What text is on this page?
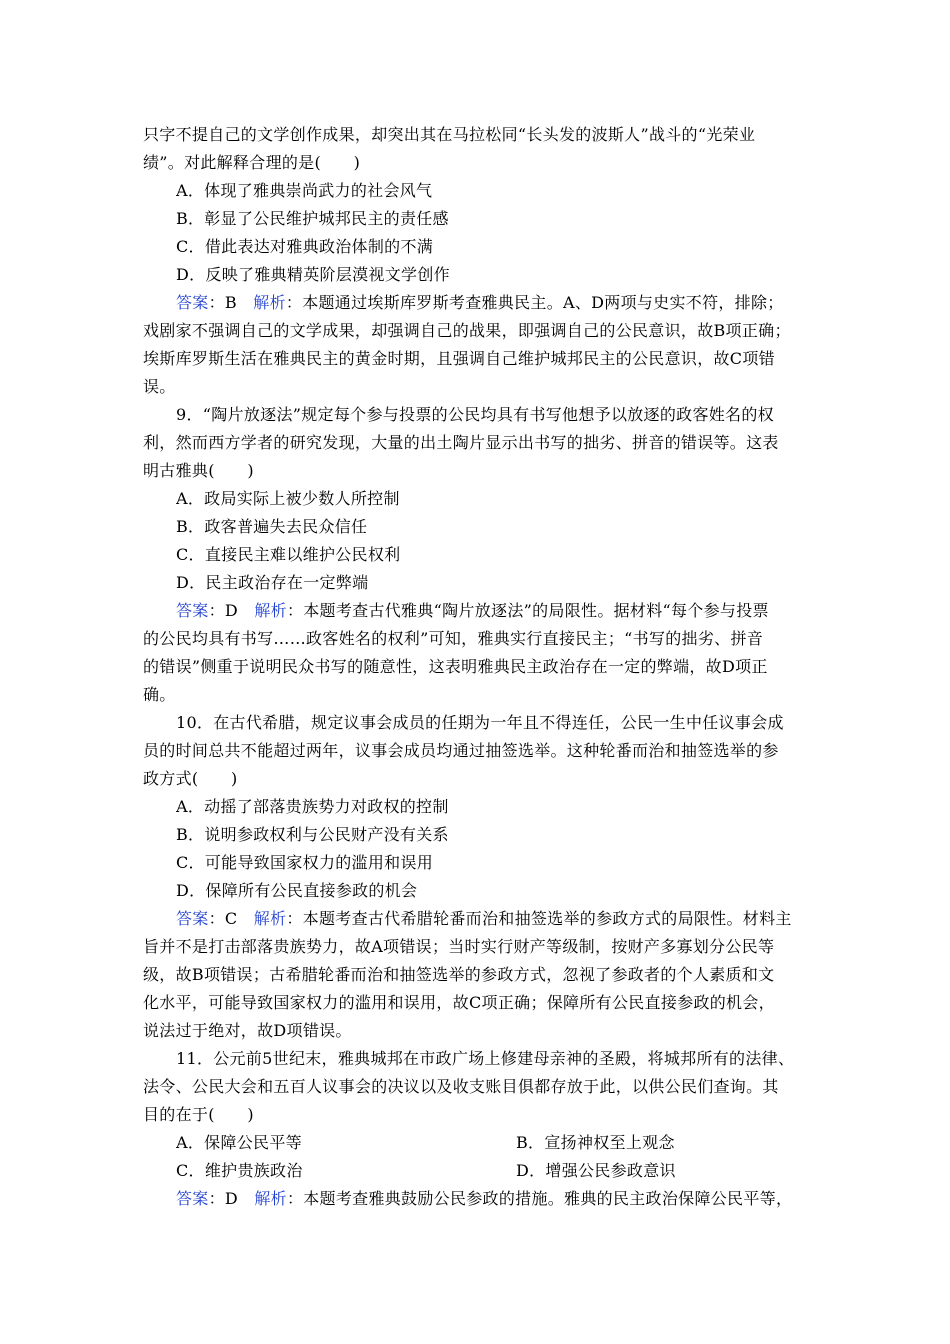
只字不提自己的文学创作成果，却突出其在马拉松同“长头发的波斯人”战斗的“光荣业
绩”。对此解释合理的是(　　)
A．体现了雅典崇尚武力的社会风气
B．彰显了公民维护城邦民主的责任感
C．借此表达对雅典政治体制的不满
D．反映了雅典精英阶层漠视文学创作
答案：B　解析：本题通过埃斯库罗斯考查雅典民主。A、D两项与史实不符，排除；
戏剧家不强调自己的文学成果，却强调自己的战果，即强调自己的公民意识，故B项正确；
埃斯库罗斯生活在雅典民主的黄金时期，且强调自己维护城邦民主的公民意识，故C项错
误。
9．“陶片放逐法”规定每个参与投票的公民均具有书写他想予以放逐的政客姓名的权
利，然而西方学者的研究发现，大量的出土陶片显示出书写的拙劣、拼音的错误等。这表
明古雅典(　　)
A．政局实际上被少数人所控制
B．政客普遍失去民众信任
C．直接民主难以维护公民权利
D．民主政治存在一定弊端
答案：D　解析：本题考查古代雅典“陶片放逐法”的局限性。据材料“每个参与投票
的公民均具有书写……政客姓名的权利”可知，雅典实行直接民主；“书写的拙劣、拼音
的错误”侧重于说明民众书写的随意性，这表明雅典民主政治存在一定的弊端，故D项正
确。
10．在古代希腊，规定议事会成员的任期为一年且不得连任，公民一生中任议事会成
员的时间总共不能超过两年，议事会成员均通过抽签选举。这种轮番而治和抽签选举的参
政方式(　　)
A．动摇了部落贵族势力对政权的控制
B．说明参政权利与公民财产没有关系
C．可能导致国家权力的滥用和误用
D．保障所有公民直接参政的机会
答案：C　解析：本题考查古代希腊轮番而治和抽签选举的参政方式的局限性。材料主
旨并不是打击部落贵族势力，故A项错误；当时实行财产等级制，按财产多寡划分公民等
级，故B项错误；古希腊轮番而治和抽签选举的参政方式，忽视了参政者的个人素质和文
化水平，可能导致国家权力的滥用和误用，故C项正确；保障所有公民直接参政的机会，
说法过于绝对，故D项错误。
11．公元前5世纪末，雅典城邦在市政广场上修建母亲神的圣殿，将城邦所有的法律、
法令、公民大会和五百人议事会的决议以及收支账目俱都存放于此，以供公民们查询。其
目的在于(　　)
A．保障公民平等	B．宣扬神权至上观念
C．维护贵族政治	D．增强公民参政意识
答案：D　解析：本题考查雅典鼓励公民参政的措施。雅典的民主政治保障公民平等，
